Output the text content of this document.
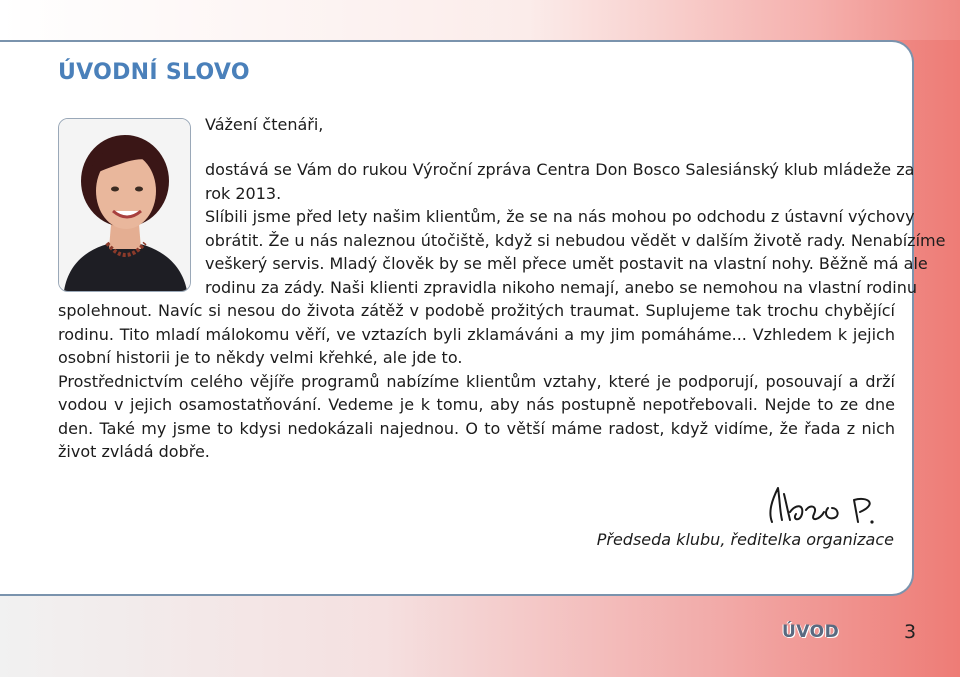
ÚVODNÍ SLOVO
Vážení čtenáři,
dostává se Vám do rukou Výroční zpráva Centra Don Bosco Salesiánský klub mládeže za
rok 2013.
Slíbili jsme před lety našim klientům, že se na nás mohou po odchodu z ústavní výchovy
obrátit. Že u nás naleznou útočiště, když si nebudou vědět v dalším životě rady. Nenabízíme
veškerý servis. Mladý člověk by se měl přece umět postavit na vlastní nohy. Běžně má ale
rodinu za zády. Naši klienti zpravidla nikoho nemají, anebo se nemohou na vlastní rodinu
spolehnout. Navíc si nesou do života zátěž v podobě prožitých traumat. Suplujeme tak trochu chybějící
rodinu. Tito mladí málokomu věří, ve vztazích byli zklamáváni a my jim pomáháme... Vzhledem k jejich
osobní historii je to někdy velmi křehké, ale jde to.
Prostřednictvím celého vějíře programů nabízíme klientům vztahy, které je podporují, posouvají a drží
vodou v jejich osamostatňování. Vedeme je k tomu, aby nás postupně nepotřebovali. Nejde to ze dne
den. Také my jsme to kdysi nedokázali najednou. O to větší máme radost, když vidíme, že řada z nich
život zvládá dobře.
Předseda klubu, ředitelka organizace
ÚVOD	3
